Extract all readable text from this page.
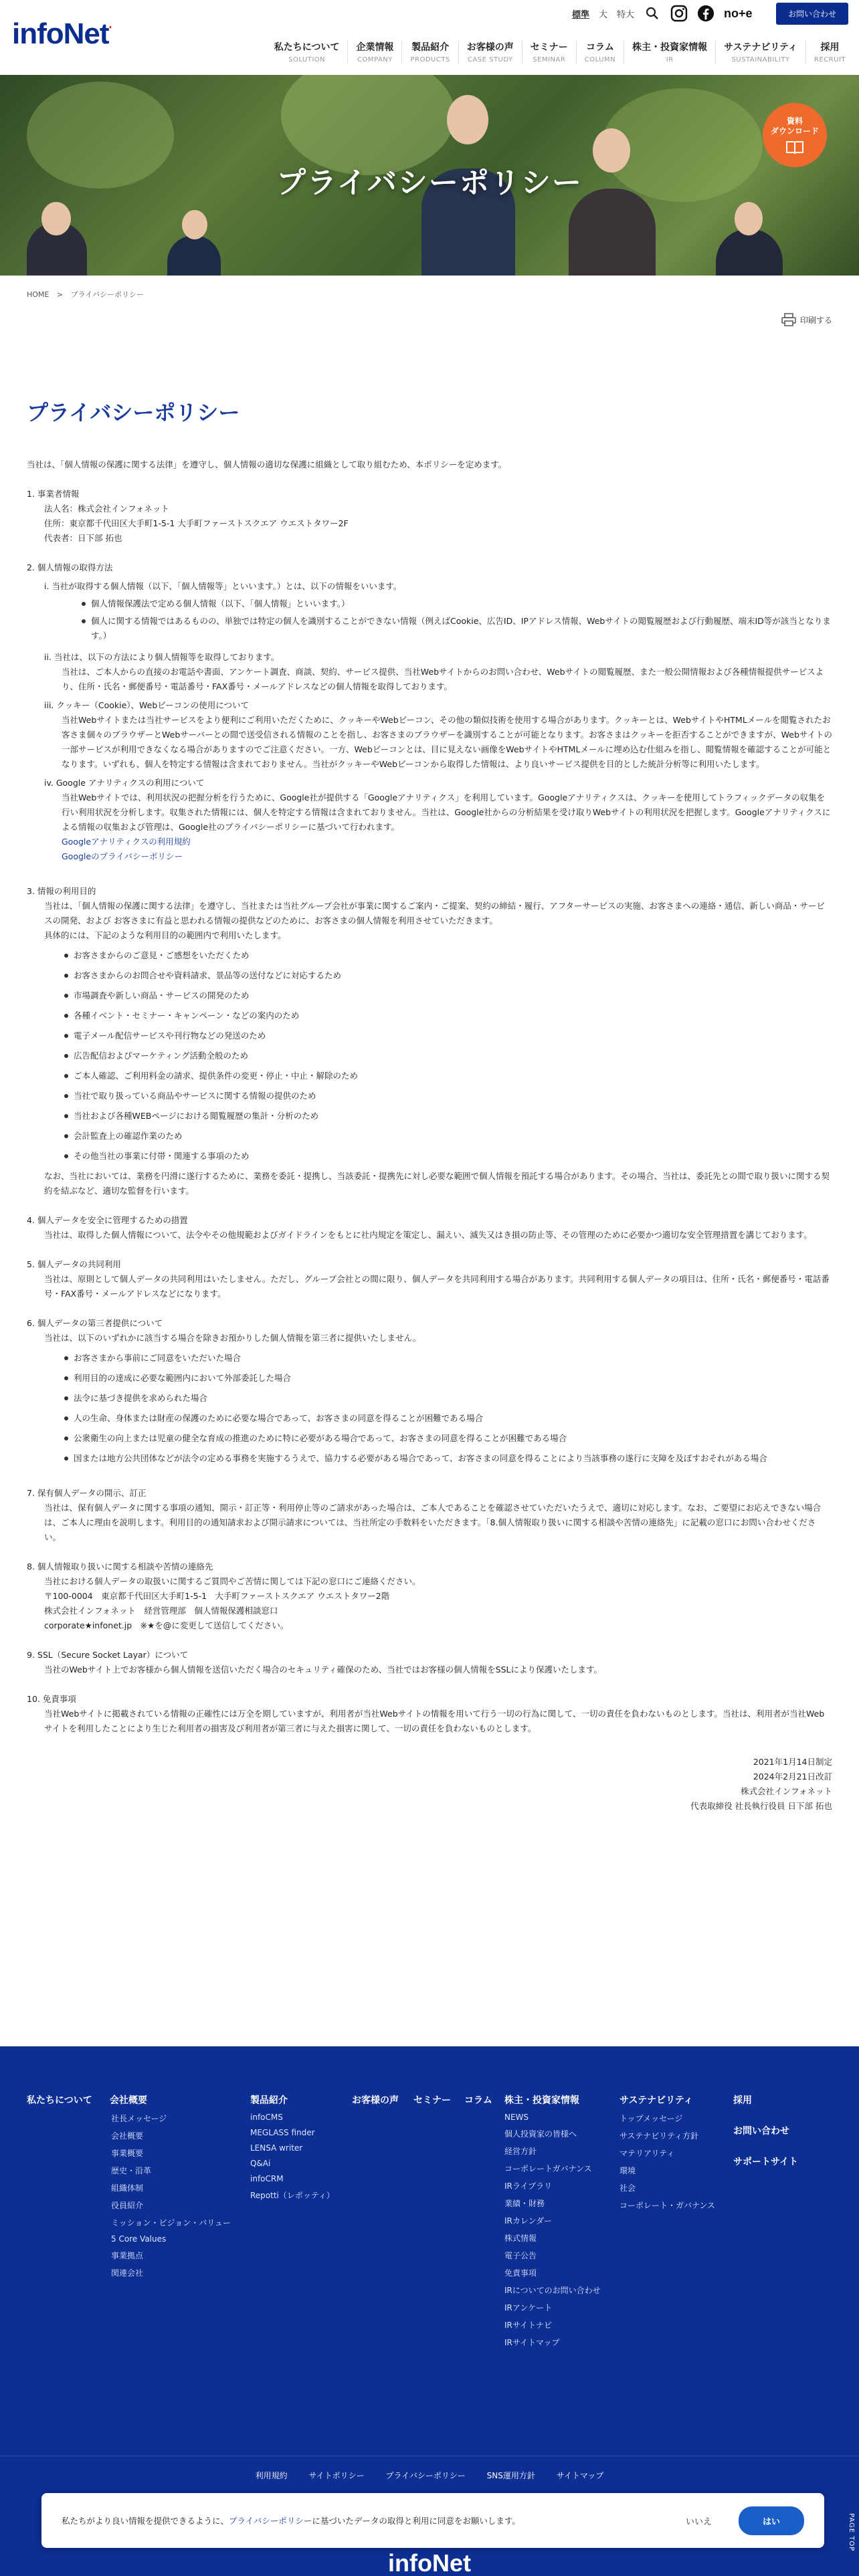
infoNet.
標準 大 特大	no+e	お問い合わせ
私たちについて
SOLUTION
企業情報
COMPANY
製品紹介
PRODUCTS
お客様の声
CASE STUDY
セミナー
SEMINAR
コラム
COLUMN
株主・投資家情報
IR
サステナビリティ
SUSTAINABILITY
採用
RECRUIT
プライバシーポリシー
資料
ダウンロード
HOME > プライバシーポリシー
印刷する
プライバシーポリシー

当社は、「個人情報の保護に関する法律」を遵守し、個人情報の適切な保護に組織として取り組むため、本ポリシーを定めます。

1. 事業者情報

法人名：株式会社インフォネット

住所：東京都千代田区大手町1-5-1 大手町ファーストスクエア ウエストタワー2F

代表者：日下部 拓也

2. 個人情報の取得方法

i. 当社が取得する個人情報（以下、「個人情報等」といいます。）とは、以下の情報をいいます。

個人情報保護法で定める個人情報（以下、「個人情報」といいます。）
個人に関する情報ではあるものの、単独では特定の個人を識別することができない情報（例えばCookie、広告ID、IPアドレス情報、Webサイトの閲覧履歴および行動履歴、端末ID等が該当となります。）

ii. 当社は、以下の方法により個人情報等を取得しております。

当社は、ご本人からの直接のお電話や書面、アンケート調査、商談、契約、サービス提供、当社Webサイトからのお問い合わせ、Webサイトの閲覧履歴、また一般公開情報および各種情報提供サービスより、住所・氏名・郵便番号・電話番号・FAX番号・メールアドレスなどの個人情報を取得しております。

iii. クッキー（Cookie）、Webビーコンの使用について

当社Webサイトまたは当社サービスをより便利にご利用いただくために、クッキーやWebビーコン、その他の類似技術を使用する場合があります。クッキーとは、WebサイトやHTMLメールを閲覧されたお客さま個々のブラウザーとWebサーバーとの間で送受信される情報のことを指し、お客さまのブラウザーを識別することが可能となります。お客さまはクッキーを拒否することができますが、Webサイトの一部サービスが利用できなくなる場合がありますのでご注意ください。一方、Webビーコンとは、目に見えない画像をWebサイトやHTMLメールに埋め込む仕組みを指し、閲覧情報を確認することが可能となります。いずれも、個人を特定する情報は含まれておりません。当社がクッキーやWebビーコンから取得した情報は、より良いサービス提供を目的とした統計分析等に利用いたします。

iv. Google アナリティクスの利用について

当社Webサイトでは、利用状況の把握分析を行うために、Google社が提供する「Googleアナリティクス」を利用しています。Googleアナリティクスは、クッキーを使用してトラフィックデータの収集を行い利用状況を分析します。収集された情報には、個人を特定する情報は含まれておりません。当社は、Google社からの分析結果を受け取りWebサイトの利用状況を把握します。Googleアナリティクスによる情報の収集および管理は、Google社のプライバシーポリシーに基づいて行われます。

Googleアナリティクスの利用規約

Googleのプライバシーポリシー

3. 情報の利用目的

当社は、「個人情報の保護に関する法律」を遵守し、当社または当社グループ会社が事業に関するご案内・ご提案、契約の締結・履行、アフターサービスの実施、お客さまへの連絡・通信、新しい商品・サービスの開発、および お客さまに有益と思われる情報の提供などのために、お客さまの個人情報を利用させていただきます。

具体的には、下記のような利用目的の範囲内で利用いたします。

お客さまからのご意見・ご感想をいただくため
お客さまからのお問合せや資料請求、景品等の送付などに対応するため
市場調査や新しい商品・サービスの開発のため
各種イベント・セミナー・キャンペーン・などの案内のため
電子メール配信サービスや刊行物などの発送のため
広告配信およびマーケティング活動全般のため
ご本人確認、ご利用料金の請求、提供条件の変更・停止・中止・解除のため
当社で取り扱っている商品やサービスに関する情報の提供のため
当社および各種WEBページにおける閲覧履歴の集計・分析のため
会計監査上の確認作業のため
その他当社の事業に付帯・関連する事項のため

なお、当社においては、業務を円滑に遂行するために、業務を委託・提携し、当該委託・提携先に対し必要な範囲で個人情報を預託する場合があります。その場合、当社は、委託先との間で取り扱いに関する契約を結ぶなど、適切な監督を行います。

4. 個人データを安全に管理するための措置

当社は、取得した個人情報について、法令やその他規範およびガイドラインをもとに社内規定を策定し、漏えい、滅失又はき損の防止等、その管理のために必要かつ適切な安全管理措置を講じております。

5. 個人データの共同利用

当社は、原則として個人データの共同利用はいたしません。ただし、グループ会社との間に限り、個人データを共同利用する場合があります。共同利用する個人データの項目は、住所・氏名・郵便番号・電話番号・FAX番号・メールアドレスなどになります。

6. 個人データの第三者提供について

当社は、以下のいずれかに該当する場合を除きお預かりした個人情報を第三者に提供いたしません。

お客さまから事前にご同意をいただいた場合
利用目的の達成に必要な範囲内において外部委託した場合
法令に基づき提供を求められた場合
人の生命、身体または財産の保護のために必要な場合であって、お客さまの同意を得ることが困難である場合
公衆衛生の向上または児童の健全な育成の推進のために特に必要がある場合であって、お客さまの同意を得ることが困難である場合
国または地方公共団体などが法令の定める事務を実施するうえで、協力する必要がある場合であって、お客さまの同意を得ることにより当該事務の遂行に支障を及ぼすおそれがある場合

7. 保有個人データの開示、訂正

当社は、保有個人データに関する事項の通知、開示・訂正等・利用停止等のご請求があった場合は、ご本人であることを確認させていただいたうえで、適切に対応します。なお、ご要望にお応えできない場合は、ご本人に理由を説明します。利用目的の通知請求および開示請求については、当社所定の手数料をいただきます。「8.個人情報取り扱いに関する相談や苦情の連絡先」に記載の窓口にお問い合わせください。

8. 個人情報取り扱いに関する相談や苦情の連絡先

当社における個人データの取扱いに関するご質問やご苦情に関しては下記の窓口にご連絡ください。

〒100-0004　東京都千代田区大手町1-5-1　大手町ファーストスクエア ウエストタワー2階

株式会社インフォネット　経営管理部　個人情報保護相談窓口

corporate★infonet.jp　※★を@に変更して送信してください。

9. SSL（Secure Socket Layar）について

当社のWebサイト上でお客様から個人情報を送信いただく場合のセキュリティ確保のため、当社ではお客様の個人情報をSSLにより保護いたします。

10. 免責事項

当社Webサイトに掲載されている情報の正確性には万全を期していますが、利用者が当社Webサイトの情報を用いて行う一切の行為に関して、一切の責任を負わないものとします。当社は、利用者が当社Webサイトを利用したことにより生じた利用者の損害及び利用者が第三者に与えた損害に関して、一切の責任を負わないものとします。

2021年1月14日制定

2024年2月21日改訂

株式会社インフォネット

代表取締役 社長執行役員 日下部 拓也

私たちについて 会社概要
社長メッセージ
会社概要
事業概要
歴史・沿革
組織体制
役員紹介
ミッション・ビジョン・バリュー
5 Core Values
事業拠点
関連会社
製品紹介
infoCMS
MEGLASS finder
LENSA writer
Q&Ai
infoCRM
Repotti（レポッティ）
お客様の声 セミナー コラム 株主・投資家情報
NEWS
個人投資家の皆様へ
経営方針
コーポレートガバナンス
IRライブラリ
業績・財務
IRカレンダー
株式情報
電子公告
免責事項
IRについてのお問い合わせ
IRアンケート
IRサイトナビ
IRサイトマップ
サステナビリティ
トップメッセージ
サステナビリティ方針
マテリアリティ
環境
社会
コーポレート・ガバナンス
採用
お問い合わせ
サポートサイト
利用規約	サイトポリシー	プライバシーポリシー	SNS運用方針	サイトマップ
infoNet
PAGE TOP
私たちがより良い情報を提供できるように、プライバシーポリシーに基づいたデータの取得と利用に同意をお願いします。	いいえ	はい
